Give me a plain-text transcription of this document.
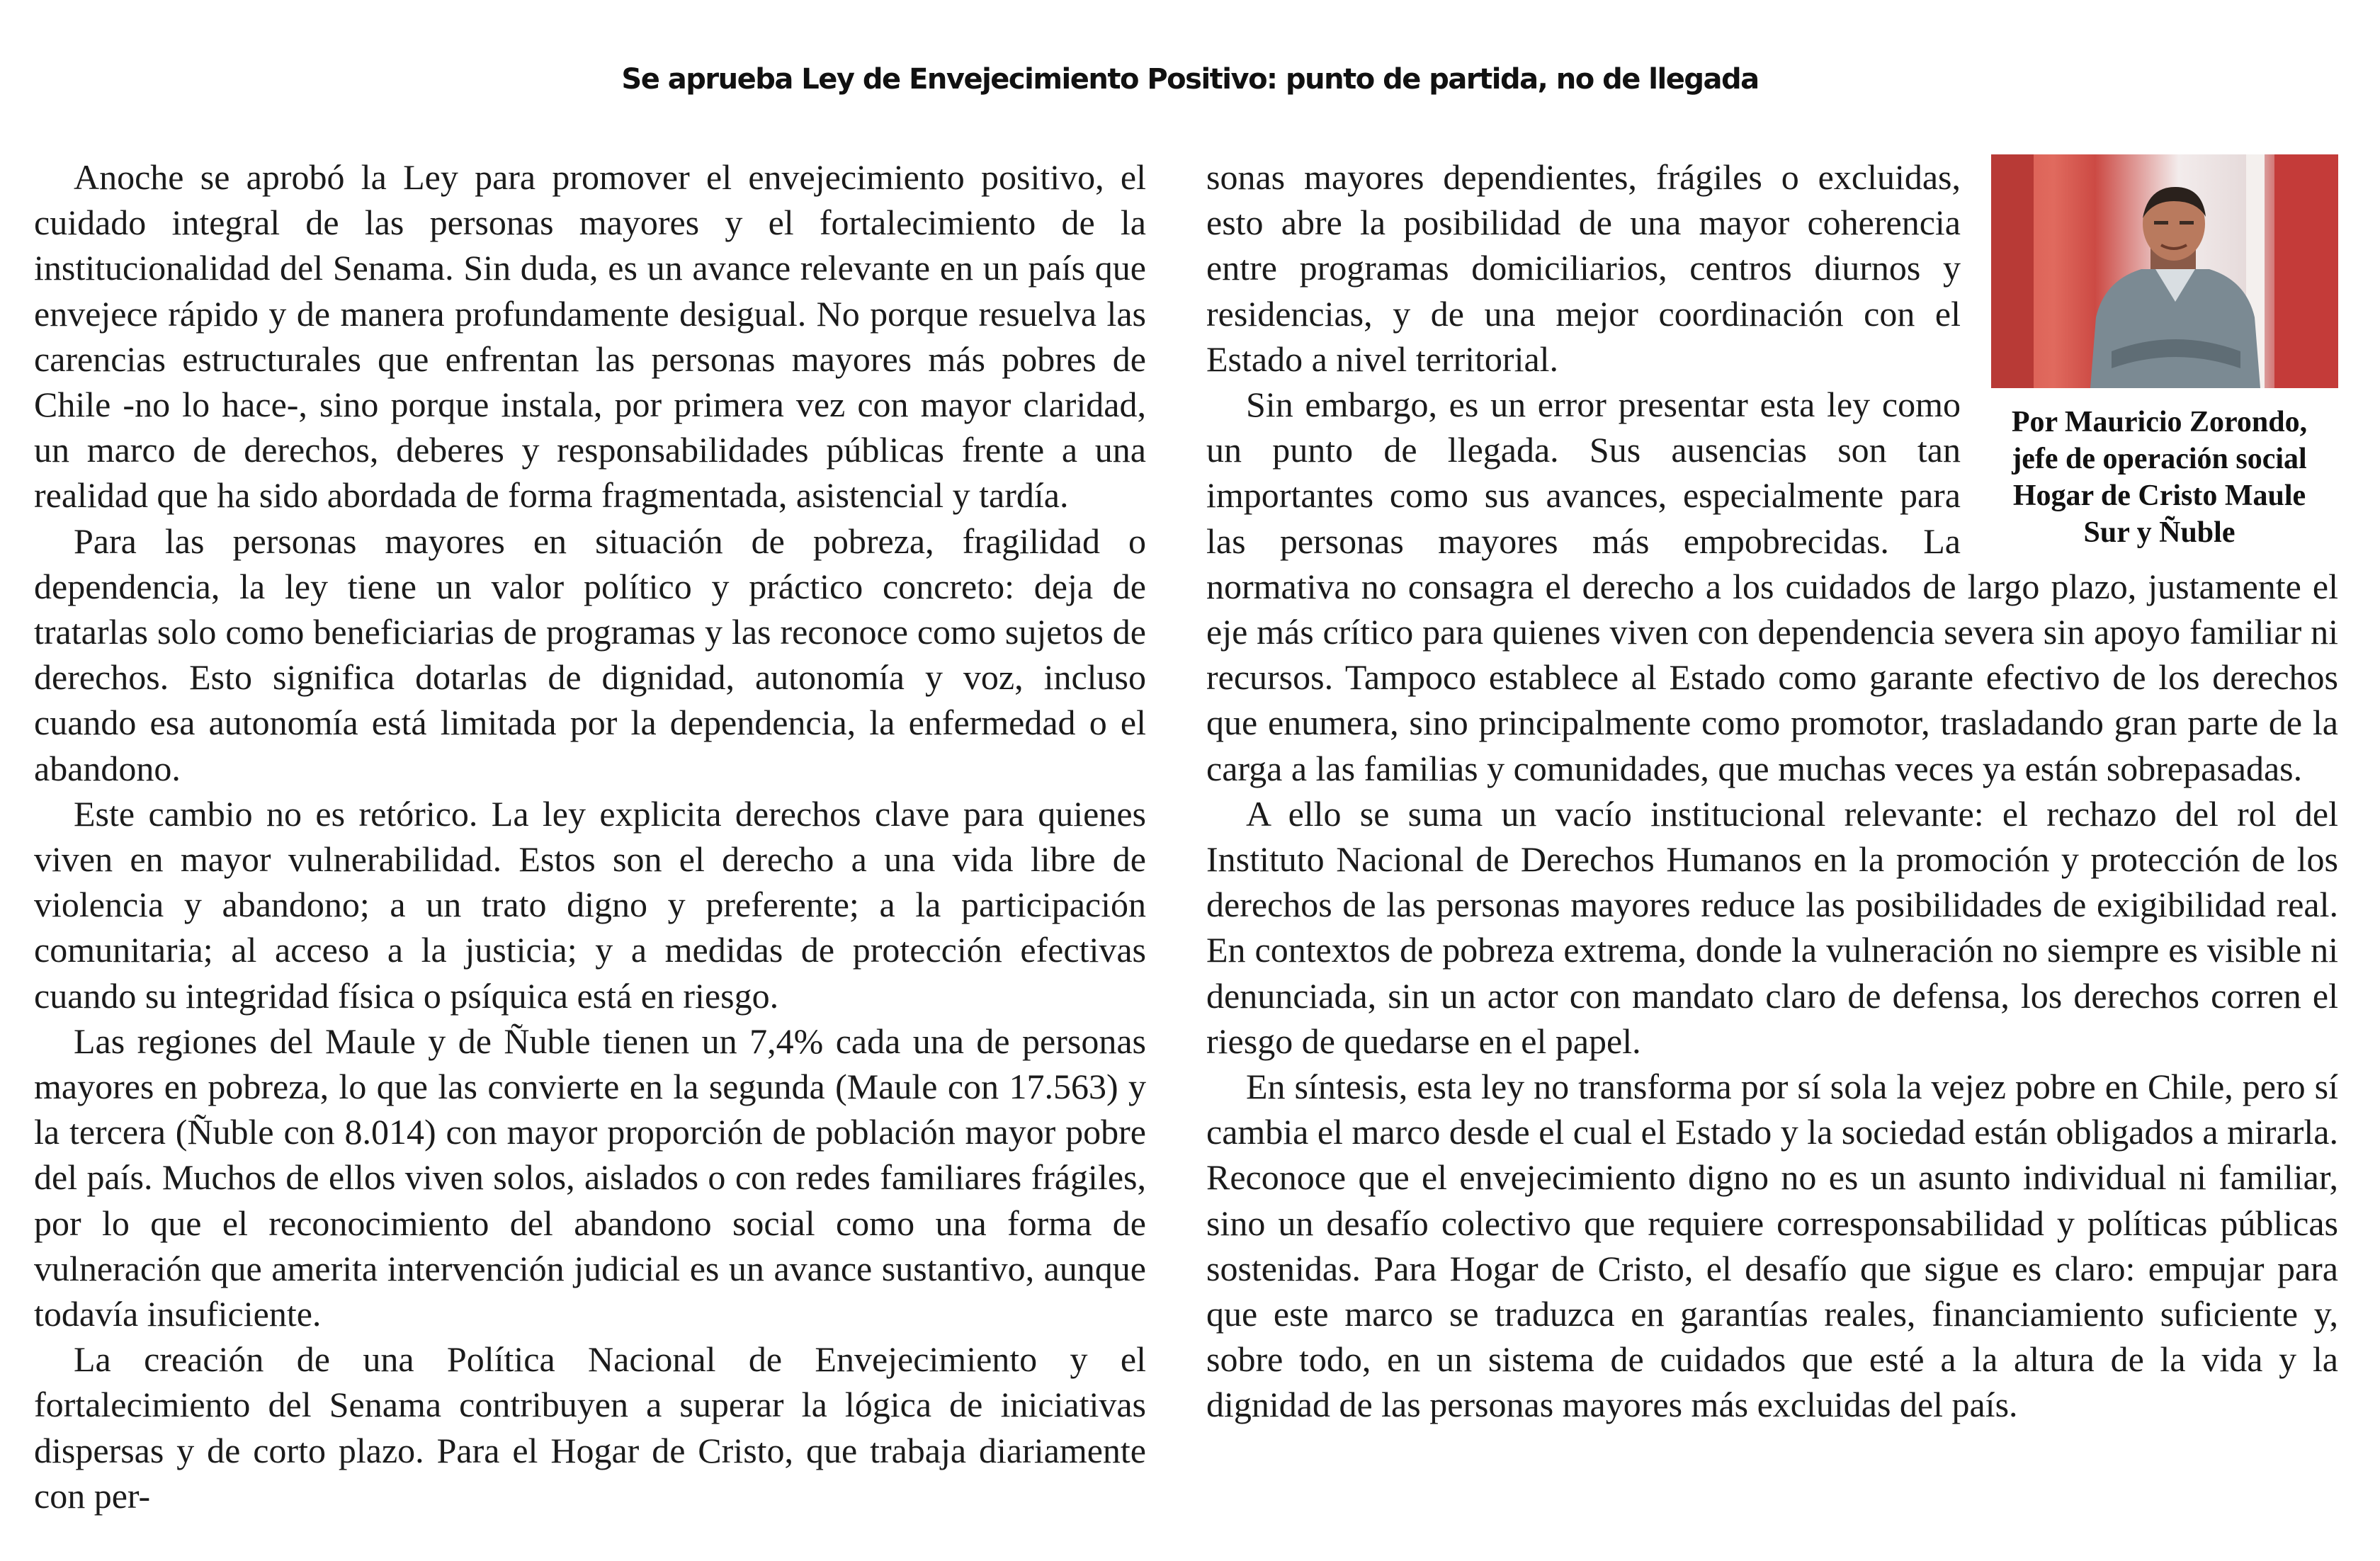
Se aprueba Ley de Envejecimiento Positivo: punto de partida, no de llegada

Anoche se aprobó la Ley para promover el envejecimiento positivo, el cuidado integral de las personas mayores y el fortalecimiento de la institucionalidad del Senama. Sin duda, es un avance relevante en un país que envejece rápido y de manera profundamente desigual. No porque resuelva las carencias estructurales que enfrentan las personas mayores más pobres de Chile -no lo hace-, sino porque instala, por primera vez con mayor claridad, un marco de derechos, deberes y responsabilidades públicas frente a una realidad que ha sido abordada de forma fragmentada, asistencial y tardía.

Para las personas mayores en situación de pobreza, fragilidad o dependencia, la ley tiene un valor político y práctico concreto: deja de tratarlas solo como beneficiarias de programas y las reconoce como sujetos de derechos. Esto significa dotarlas de dignidad, autonomía y voz, incluso cuando esa autonomía está limitada por la dependencia, la enfermedad o el abandono.

Este cambio no es retórico. La ley explicita derechos clave para quienes viven en mayor vulnerabilidad. Estos son el derecho a una vida libre de violencia y abandono; a un trato digno y preferente; a la participación comunitaria; al acceso a la justicia; y a medidas de protección efectivas cuando su integridad física o psíquica está en riesgo.

Las regiones del Maule y de Ñuble tienen un 7,4% cada una de personas mayores en pobreza, lo que las convierte en la segunda (Maule con 17.563) y la tercera (Ñuble con 8.014) con mayor proporción de población mayor pobre del país. Muchos de ellos viven solos, aislados o con redes familiares frágiles, por lo que el reconocimiento del abandono social como una forma de vulneración que amerita intervención judicial es un avance sustantivo, aunque todavía insuficiente.

La creación de una Política Nacional de Envejecimiento y el fortalecimiento del Senama contribuyen a superar la lógica de iniciativas dispersas y de corto plazo. Para el Hogar de Cristo, que trabaja diariamente con per-

Por Mauricio Zorondo,
jefe de operación social
Hogar de Cristo Maule
Sur y Ñuble

sonas mayores dependientes, frágiles o excluidas, esto abre la posibilidad de una mayor coherencia entre programas domiciliarios, centros diurnos y residencias, y de una mejor coordinación con el Estado a nivel territorial.

Sin embargo, es un error presentar esta ley como un punto de llegada. Sus ausencias son tan importantes como sus avances, especialmente para las personas mayores más empobrecidas. La normativa no consagra el derecho a los cuidados de largo plazo, justamente el eje más crítico para quienes viven con dependencia severa sin apoyo familiar ni recursos. Tampoco establece al Estado como garante efectivo de los derechos que enumera, sino principalmente como promotor, trasladando gran parte de la carga a las familias y comunidades, que muchas veces ya están sobrepasadas.

A ello se suma un vacío institucional relevante: el rechazo del rol del Instituto Nacional de Derechos Humanos en la promoción y protección de los derechos de las personas mayores reduce las posibilidades de exigibilidad real. En contextos de pobreza extrema, donde la vulneración no siempre es visible ni denunciada, sin un actor con mandato claro de defensa, los derechos corren el riesgo de quedarse en el papel.

En síntesis, esta ley no transforma por sí sola la vejez pobre en Chile, pero sí cambia el marco desde el cual el Estado y la sociedad están obligados a mirarla. Reconoce que el envejecimiento digno no es un asunto individual ni familiar, sino un desafío colectivo que requiere corresponsabilidad y políticas públicas sostenidas. Para Hogar de Cristo, el desafío que sigue es claro: empujar para que este marco se traduzca en garantías reales, financiamiento suficiente y, sobre todo, en un sistema de cuidados que esté a la altura de la vida y la dignidad de las personas mayores más excluidas del país.
